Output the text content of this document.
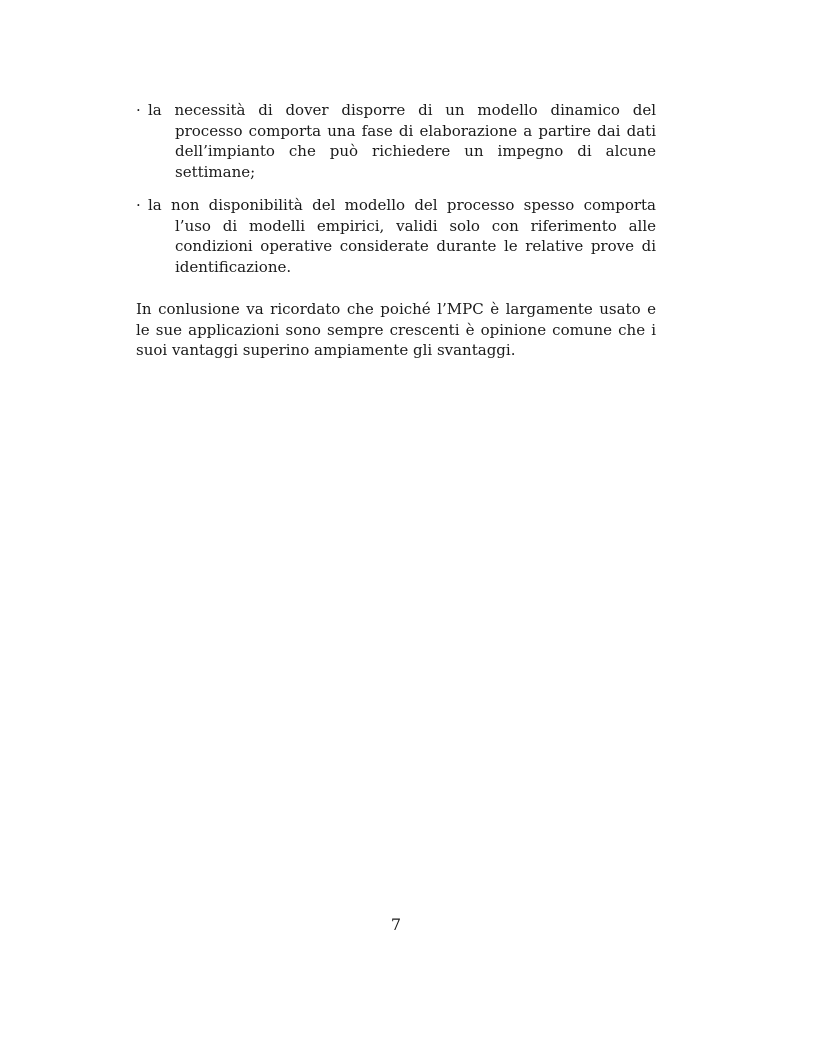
· la necessità di dover disporre di un modello dinamico del processo comporta una fase di elaborazione a partire dai dati dell’impianto che può richiedere un impegno di alcune settimane;
· la non disponibilità del modello del processo spesso comporta l’uso di modelli empirici, validi solo con riferimento alle condizioni operative considerate durante le relative prove di identificazione.

In conlusione va ricordato che poiché l’MPC è largamente usato e le sue applicazioni sono sempre crescenti è opinione comune che i suoi vantaggi superino ampiamente gli svantaggi.

7
